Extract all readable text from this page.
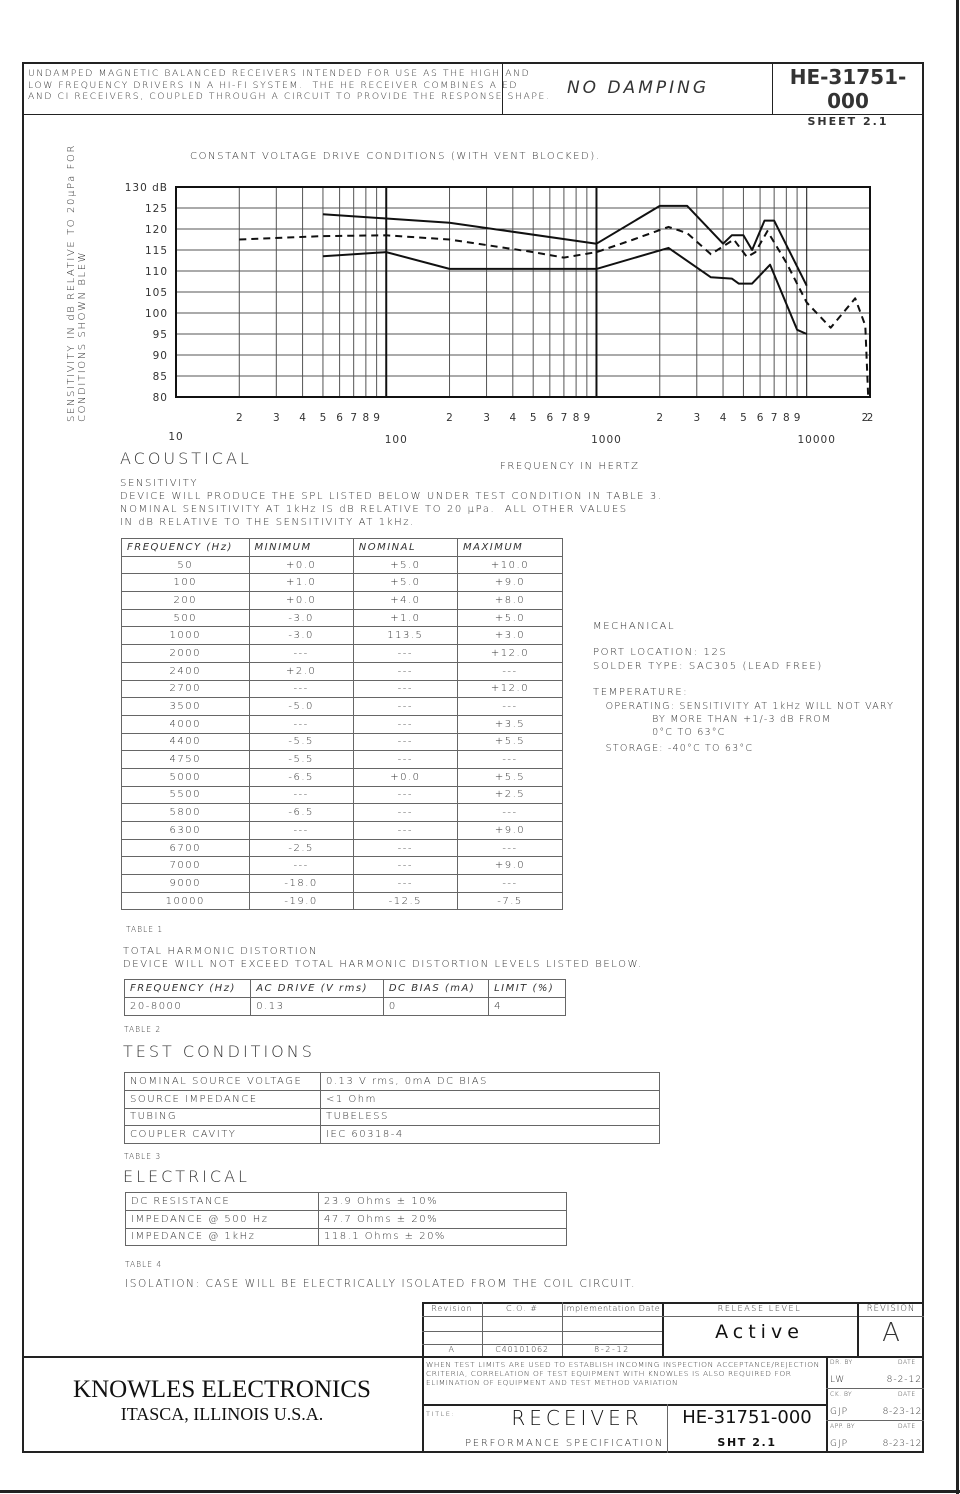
UNDAMPED MAGNETIC BALANCED RECEIVERS INTENDED FOR USE AS THE HIGH AND
LOW FREQUENCY DRIVERS IN A HI-FI SYSTEM.  THE HE RECEIVER COMBINES A ED
AND CI RECEIVERS, COUPLED THROUGH A CIRCUIT TO PROVIDE THE RESPONSE SHAPE. NO DAMPING	HE-31751-000
SHEET 2.1
CONSTANT VOLTAGE DRIVE CONDITIONS (WITH VENT BLOCKED).
SENSITIVITY IN dB RELATIVE TO 20µPa FOR CONDITIONS SHOWN BLEW
130 dB
125
120
115
110
105
100
95
90
85
80
2	3 4 5 6 7 8 9
10
2	3 4 5 6 7 8 9
100
2	3 4 5 6 7 8 9
1000
2
10000
2
FREQUENCY IN HERTZ
ACOUSTICAL
SENSITIVITY
DEVICE WILL PRODUCE THE SPL LISTED BELOW UNDER TEST CONDITION IN TABLE 3.
NOMINAL SENSITIVITY AT 1kHz IS dB RELATIVE TO 20 µPa.  ALL OTHER VALUES
IN dB RELATIVE TO THE SENSITIVITY AT 1kHz.
FREQUENCY (Hz)	MINIMUM	NOMINAL	MAXIMUM
50	+0.0	+5.0	+10.0
100	+1.0	+5.0	+9.0
200	+0.0	+4.0	+8.0
500	-3.0	+1.0	+5.0
1000	-3.0	113.5	+3.0
2000	---	---	+12.0
2400	+2.0	---	---
2700	---	---	+12.0
3500	-5.0	---	---
4000	---	---	+3.5
4400	-5.5	---	+5.5
4750	-5.5	---	---
5000	-6.5	+0.0	+5.5
5500	---	---	+2.5
5800	-6.5	---	---
6300	---	---	+9.0
6700	-2.5	---	---
7000	---	---	+9.0
9000	-18.0	---	---
10000	-19.0	-12.5	-7.5
TABLE 1
MECHANICAL
PORT LOCATION: 12S
SOLDER TYPE: SAC305 (LEAD FREE)
TEMPERATURE:
OPERATING: SENSITIVITY AT 1kHz WILL NOT VARY
BY MORE THAN +1/-3 dB FROM
0°C TO 63°C
STORAGE: -40°C TO 63°C
TOTAL HARMONIC DISTORTION
DEVICE WILL NOT EXCEED TOTAL HARMONIC DISTORTION LEVELS LISTED BELOW.
FREQUENCY (Hz)	AC DRIVE (V rms)	DC BIAS (mA)	LIMIT (%)
20-8000	0.13	0	4
TABLE 2
TEST CONDITIONS
NOMINAL SOURCE VOLTAGE	0.13 V rms, 0mA DC BIAS
SOURCE IMPEDANCE	<1 Ohm
TUBING	TUBELESS
COUPLER CAVITY	IEC 60318-4
TABLE 3
ELECTRICAL
DC RESISTANCE	23.9 Ohms ± 10%
IMPEDANCE @ 500 Hz	47.7 Ohms ± 20%
IMPEDANCE @ 1kHz	118.1 Ohms ± 20%
TABLE 4
ISOLATION: CASE WILL BE ELECTRICALLY ISOLATED FROM THE COIL CIRCUIT.
Revision	C.O. #	Implementation Date
A	C40101062	8-2-12
RELEASE LEVEL
Active
REVISION
A
KNOWLES ELECTRONICS
ITASCA, ILLINOIS U.S.A.
WHEN TEST LIMITS ARE USED TO ESTABLISH INCOMING INSPECTION ACCEPTANCE/REJECTION
CRITERIA, CORRELATION OF TEST EQUIPMENT WITH KNOWLES IS ALSO REQUIRED FOR
ELIMINATION OF EQUIPMENT AND TEST METHOD VARIATION
TITLE:	RECEIVER
PERFORMANCE SPECIFICATION
HE-31751-000
SHT 2.1
DR. BY	DATE
LW	8-2-12
CK. BY	DATE
GJP	8-23-12
APP. BY	DATE
GJP	8-23-12
